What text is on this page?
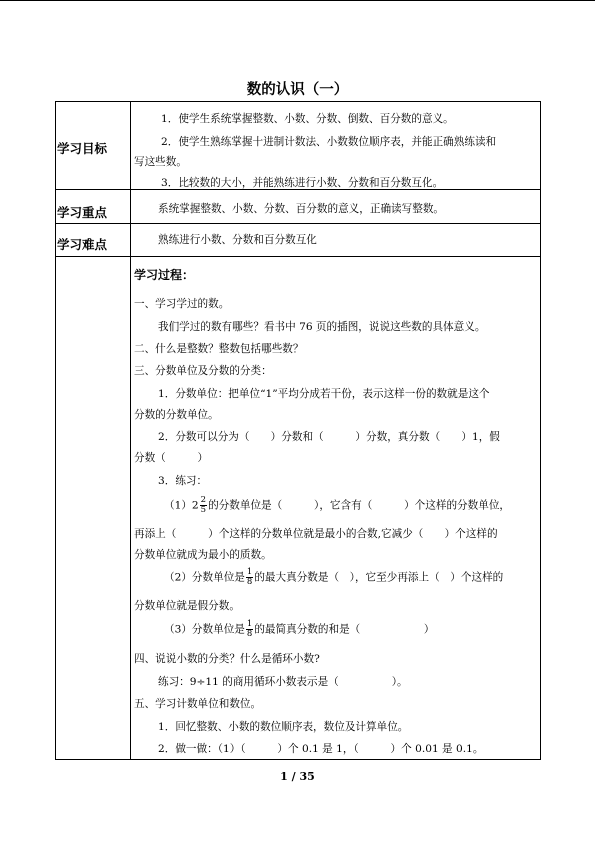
数的认识（一）
学习目标
1．使学生系统掌握整数、小数、分数、倒数、百分数的意义。
2．使学生熟练掌握十进制计数法、小数数位顺序表，并能正确熟练读和
写这些数。
3．比较数的大小，并能熟练进行小数、分数和百分数互化。
学习重点	系统掌握整数、小数、分数、百分数的意义，正确读写整数。
学习难点	熟练进行小数、分数和百分数互化
学习过程：
一、学习学过的数。
我们学过的数有哪些？看书中 76 页的插图，说说这些数的具体意义。
二、什么是整数？整数包括哪些数？
三、分数单位及分数的分类：
1．分数单位：把单位“1”平均分成若干份，表示这样一份的数就是这个
分数的分数单位。
2．分数可以分为（　　）分数和（　　　）分数，真分数（　　）1，假
分数（　　　）
3．练习：
$(1)2 \frac{2}{5}$ 的分数单位是（　　　），它含有（　　　）个这样的分数单位，
再添上（　　　）个这样的分数单位就是最小的合数,它减少（　　）个这样的
分数单位就成为最小的质数。
（2）分数单位是 $\frac{1}{8}$ 的最大真分数是（　），它至少再添上（　）个这样的
分数单位就是假分数。
（3）分数单位是 $\frac{1}{8}$ 的最简真分数的和是（　　　　　　）
四、说说小数的分类？什么是循环小数?
练习：9÷11 的商用循环小数表示是（　　　　　）。
五、学习计数单位和数位。
1．回忆整数、小数的数位顺序表，数位及计算单位。
2．做一做：（1）（　　　）个 0.1 是 1，（　　　）个 0.01 是 0.1。
1 / 35
